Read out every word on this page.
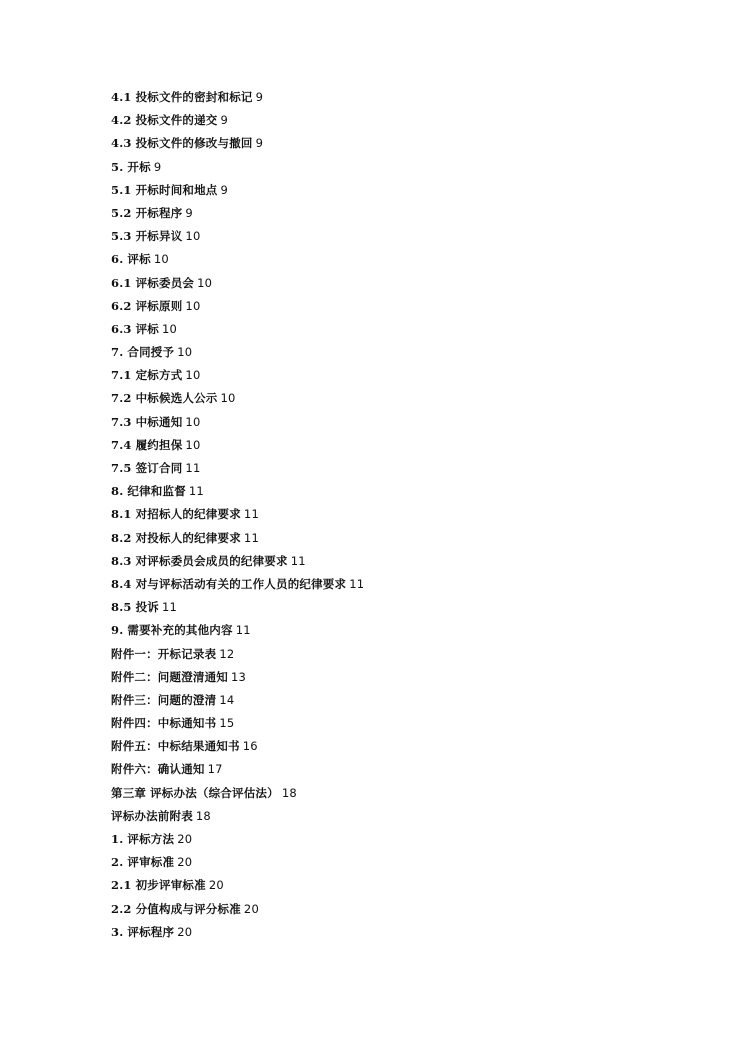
4.1 投标文件的密封和标记 9
4.2 投标文件的递交 9
4.3 投标文件的修改与撤回 9
5. 开标 9
5.1 开标时间和地点 9
5.2 开标程序 9
5.3 开标异议 10
6. 评标 10
6.1 评标委员会 10
6.2 评标原则 10
6.3 评标 10
7. 合同授予 10
7.1 定标方式 10
7.2 中标候选人公示 10
7.3 中标通知 10
7.4 履约担保 10
7.5 签订合同 11
8. 纪律和监督 11
8.1 对招标人的纪律要求 11
8.2 对投标人的纪律要求 11
8.3 对评标委员会成员的纪律要求 11
8.4 对与评标活动有关的工作人员的纪律要求 11
8.5 投诉 11
9. 需要补充的其他内容 11
附件一：开标记录表 12
附件二：问题澄清通知 13
附件三：问题的澄清 14
附件四：中标通知书 15
附件五：中标结果通知书 16
附件六：确认通知 17
第三章 评标办法（综合评估法） 18
评标办法前附表 18
1. 评标方法 20
2. 评审标准 20
2.1 初步评审标准 20
2.2 分值构成与评分标准 20
3. 评标程序 20
